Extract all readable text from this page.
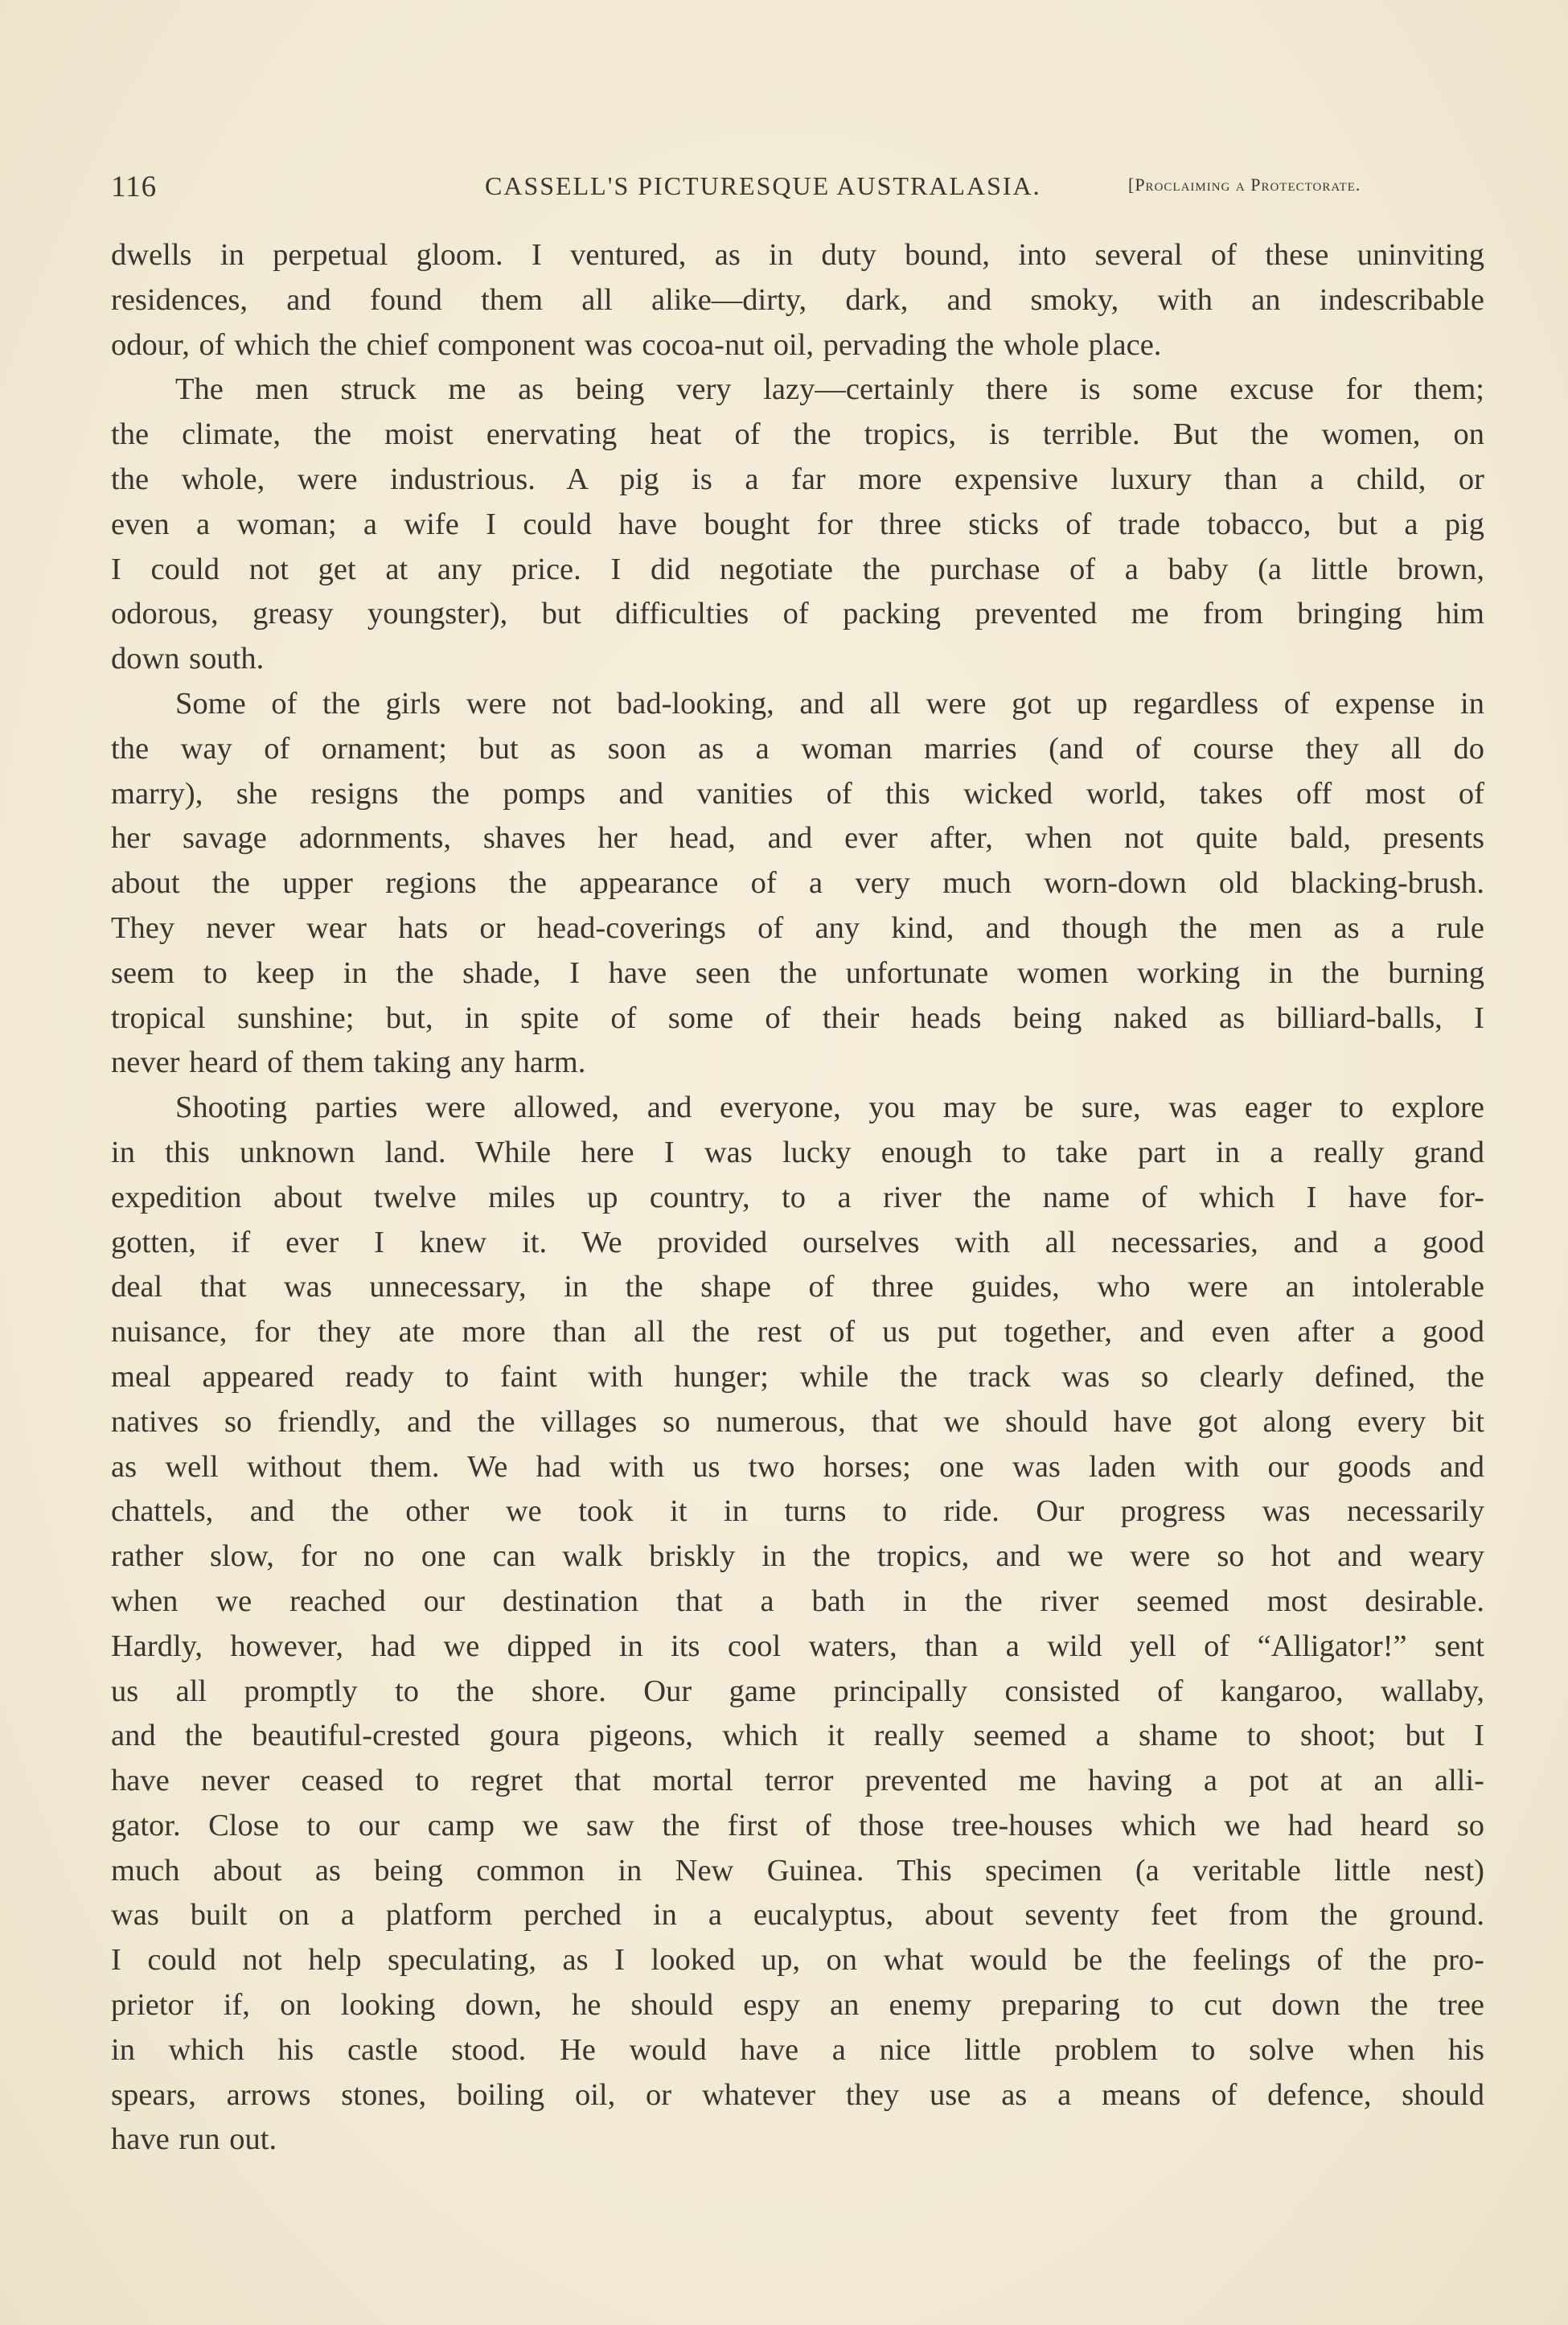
116	CASSELL'S PICTURESQUE AUSTRALASIA.	[Proclaiming a Protectorate.
dwells in perpetual gloom. I ventured, as in duty bound, into several of these uninviting
residences, and found them all alike—dirty, dark, and smoky, with an indescribable
odour, of which the chief component was cocoa-nut oil, pervading the whole place.
The men struck me as being very lazy—certainly there is some excuse for them;
the climate, the moist enervating heat of the tropics, is terrible. But the women, on
the whole, were industrious. A pig is a far more expensive luxury than a child, or
even a woman; a wife I could have bought for three sticks of trade tobacco, but a pig
I could not get at any price. I did negotiate the purchase of a baby (a little brown,
odorous, greasy youngster), but difficulties of packing prevented me from bringing him
down south.
Some of the girls were not bad-looking, and all were got up regardless of expense in
the way of ornament; but as soon as a woman marries (and of course they all do
marry), she resigns the pomps and vanities of this wicked world, takes off most of
her savage adornments, shaves her head, and ever after, when not quite bald, presents
about the upper regions the appearance of a very much worn-down old blacking-brush.
They never wear hats or head-coverings of any kind, and though the men as a rule
seem to keep in the shade, I have seen the unfortunate women working in the burning
tropical sunshine; but, in spite of some of their heads being naked as billiard-balls, I
never heard of them taking any harm.
Shooting parties were allowed, and everyone, you may be sure, was eager to explore
in this unknown land. While here I was lucky enough to take part in a really grand
expedition about twelve miles up country, to a river the name of which I have for-
gotten, if ever I knew it. We provided ourselves with all necessaries, and a good
deal that was unnecessary, in the shape of three guides, who were an intolerable
nuisance, for they ate more than all the rest of us put together, and even after a good
meal appeared ready to faint with hunger; while the track was so clearly defined, the
natives so friendly, and the villages so numerous, that we should have got along every bit
as well without them. We had with us two horses; one was laden with our goods and
chattels, and the other we took it in turns to ride. Our progress was necessarily
rather slow, for no one can walk briskly in the tropics, and we were so hot and weary
when we reached our destination that a bath in the river seemed most desirable.
Hardly, however, had we dipped in its cool waters, than a wild yell of “Alligator!” sent
us all promptly to the shore. Our game principally consisted of kangaroo, wallaby,
and the beautiful-crested goura pigeons, which it really seemed a shame to shoot; but I
have never ceased to regret that mortal terror prevented me having a pot at an alli-
gator. Close to our camp we saw the first of those tree-houses which we had heard so
much about as being common in New Guinea. This specimen (a veritable little nest)
was built on a platform perched in a eucalyptus, about seventy feet from the ground.
I could not help speculating, as I looked up, on what would be the feelings of the pro-
prietor if, on looking down, he should espy an enemy preparing to cut down the tree
in which his castle stood. He would have a nice little problem to solve when his
spears, arrows stones, boiling oil, or whatever they use as a means of defence, should
have run out.
